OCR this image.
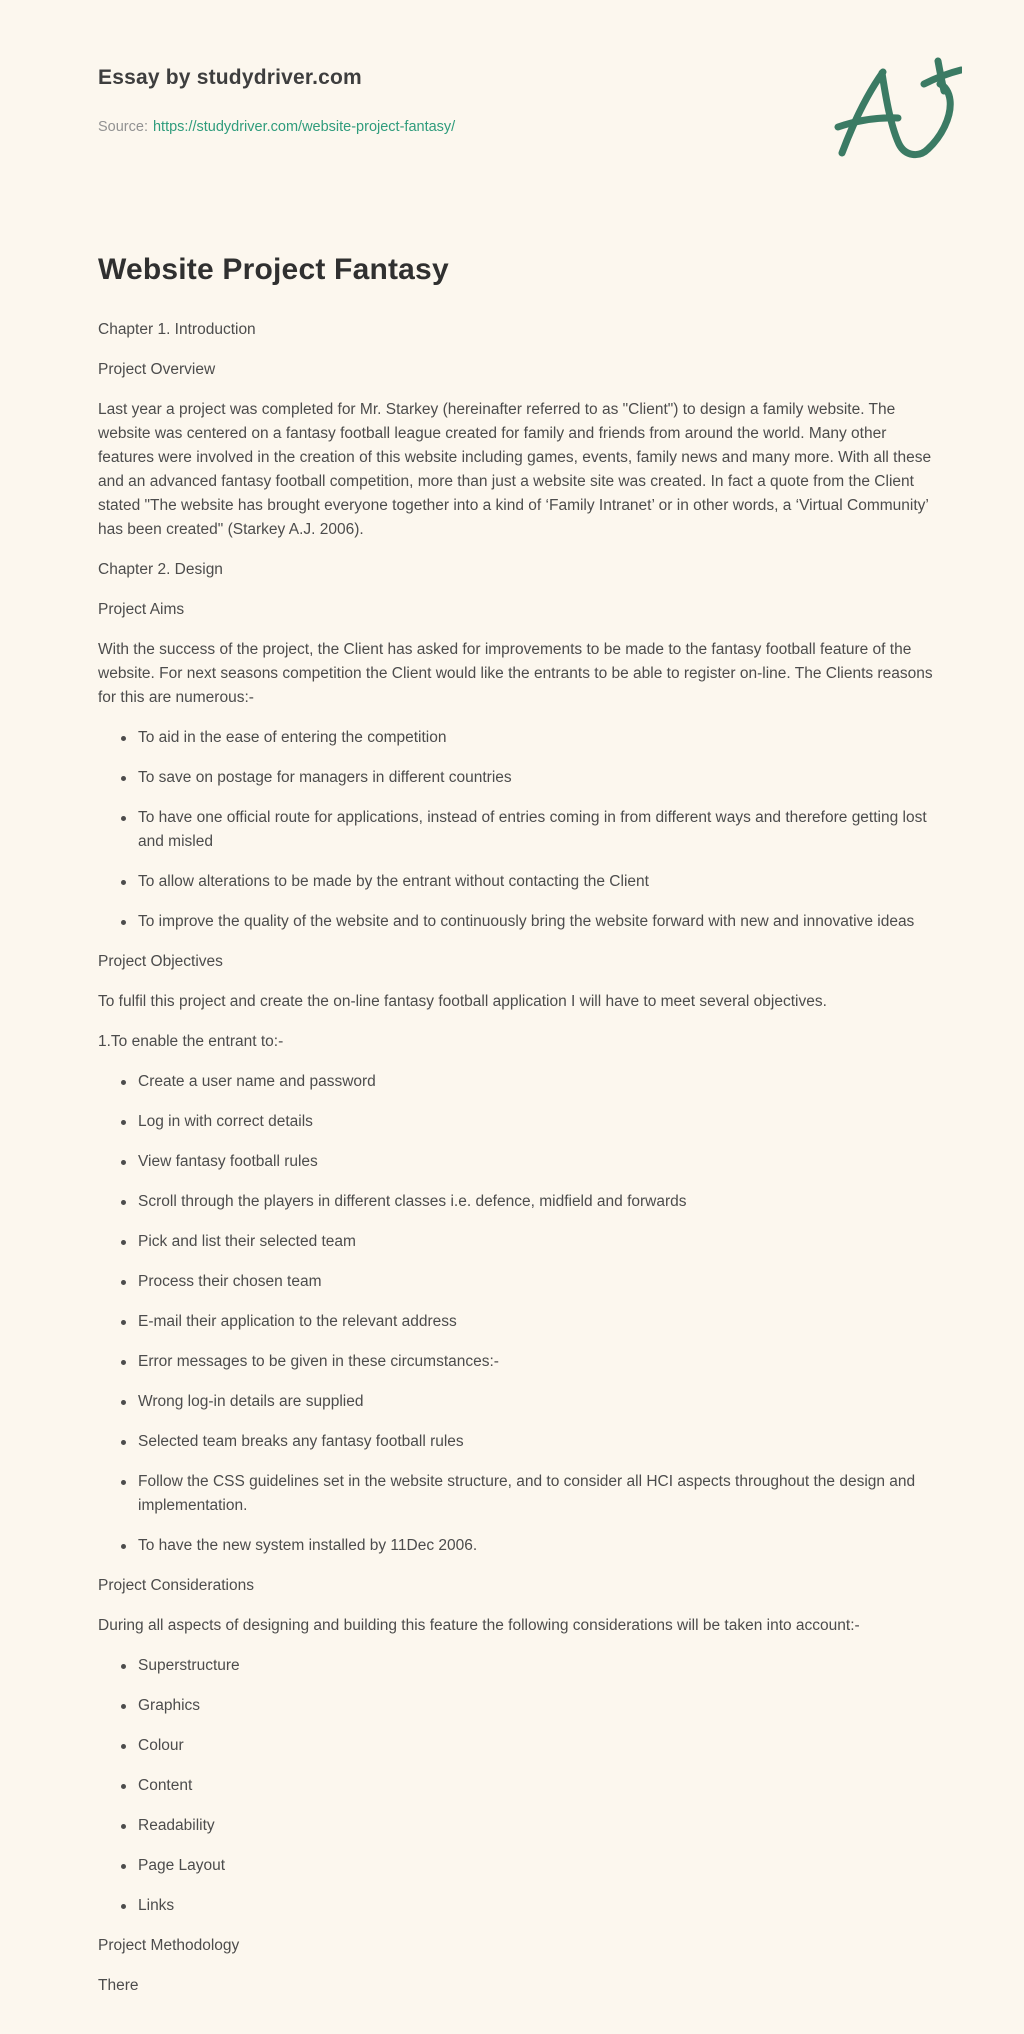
Essay by studydriver.com

Source: https://studydriver.com/website-project-fantasy/

Website Project Fantasy

Chapter 1. Introduction

Project Overview

Last year a project was completed for Mr. Starkey (hereinafter referred to as "Client") to design a family website. The website was centered on a fantasy football league created for family and friends from around the world. Many other features were involved in the creation of this website including games, events, family news and many more. With all these and an advanced fantasy football competition, more than just a website site was created. In fact a quote from the Client stated "The website has brought everyone together into a kind of ‘Family Intranet’ or in other words, a ‘Virtual Community’ has been created" (Starkey A.J. 2006).

Chapter 2. Design

Project Aims

With the success of the project, the Client has asked for improvements to be made to the fantasy football feature of the website. For next seasons competition the Client would like the entrants to be able to register on-line. The Clients reasons for this are numerous:-

To aid in the ease of entering the competition
To save on postage for managers in different countries
To have one official route for applications, instead of entries coming in from different ways and therefore getting lost and misled
To allow alterations to be made by the entrant without contacting the Client
To improve the quality of the website and to continuously bring the website forward with new and innovative ideas

Project Objectives

To fulfil this project and create the on-line fantasy football application I will have to meet several objectives.

1.To enable the entrant to:-

Create a user name and password
Log in with correct details
View fantasy football rules
Scroll through the players in different classes i.e. defence, midfield and forwards
Pick and list their selected team
Process their chosen team
E-mail their application to the relevant address
Error messages to be given in these circumstances:-
Wrong log-in details are supplied
Selected team breaks any fantasy football rules
Follow the CSS guidelines set in the website structure, and to consider all HCI aspects throughout the design and implementation.
To have the new system installed by 11Dec 2006.

Project Considerations

During all aspects of designing and building this feature the following considerations will be taken into account:-

Superstructure
Graphics
Colour
Content
Readability
Page Layout
Links

Project Methodology

There
